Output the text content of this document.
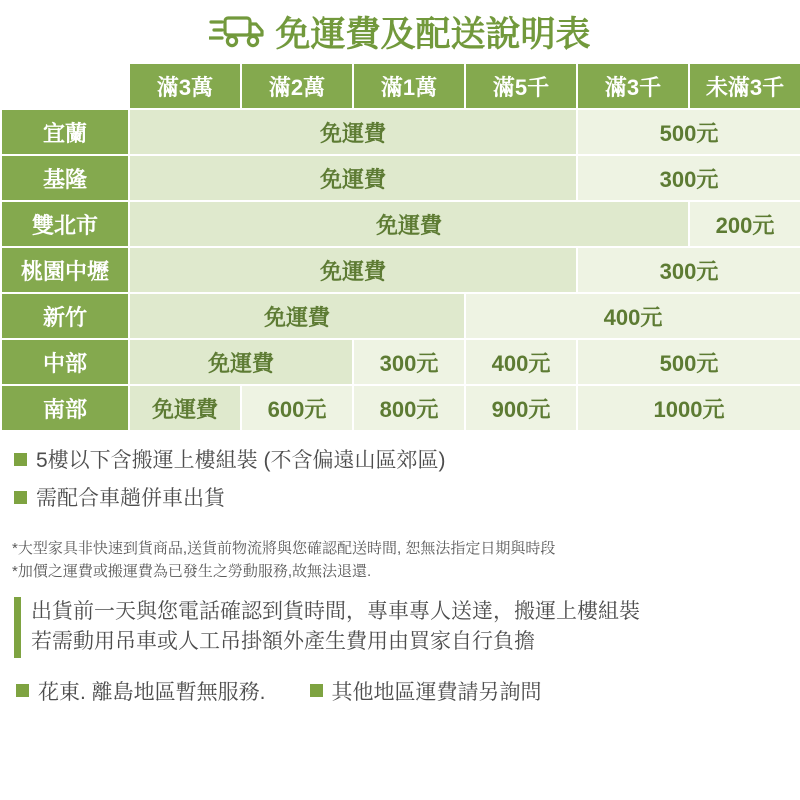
免運費及配送說明表
	滿3萬	滿2萬	滿1萬	滿5千	滿3千	未滿3千
宜蘭	免運費				500元	
基隆	免運費				300元	
雙北市	免運費					200元
桃園中壢	免運費				300元	
新竹	免運費			400元		
中部	免運費		300元	400元	500元	
南部	免運費	600元	800元	900元	1000元	
5樓以下含搬運上樓組裝 (不含偏遠山區郊區)
需配合車趟併車出貨
*大型家具非快速到貨商品,送貨前物流將與您確認配送時間, 恕無法指定日期與時段
*加價之運費或搬運費為已發生之勞動服務,故無法退還.
出貨前一天與您電話確認到貨時間，專車專人送達，搬運上樓組裝
若需動用吊車或人工吊掛額外產生費用由買家自行負擔
花東. 離島地區暫無服務.	其他地區運費請另詢問
